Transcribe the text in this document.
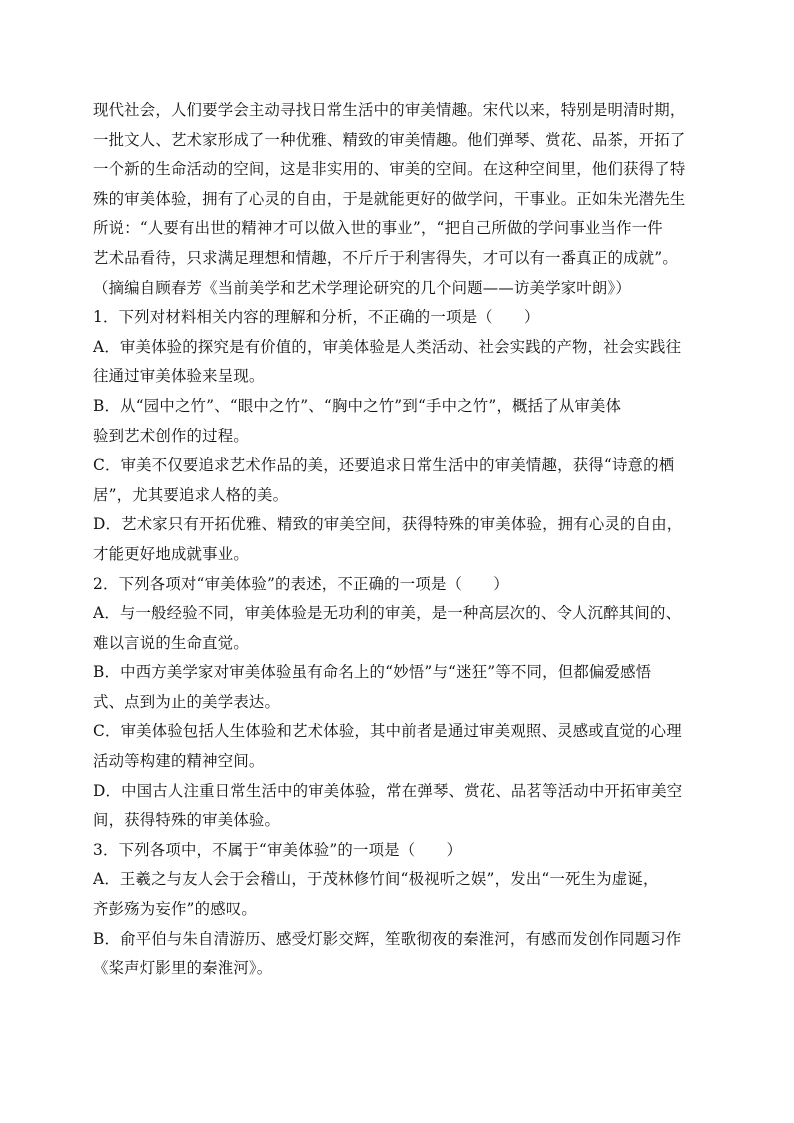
现代社会，人们要学会主动寻找日常生活中的审美情趣。宋代以来，特别是明清时期，
一批文人、艺术家形成了一种优雅、精致的审美情趣。他们弹琴、赏花、品茶，开拓了
一个新的生命活动的空间，这是非实用的、审美的空间。在这种空间里，他们获得了特
殊的审美体验，拥有了心灵的自由，于是就能更好的做学问，干事业。正如朱光潜先生
所说：“人要有出世的精神才可以做入世的事业”，“把自己所做的学问事业当作一件
艺术品看待，只求满足理想和情趣，不斤斤于利害得失，才可以有一番真正的成就”。
（摘编自顾春芳《当前美学和艺术学理论研究的几个问题——访美学家叶朗》）
1．下列对材料相关内容的理解和分析，不正确的一项是（　　）
A．审美体验的探究是有价值的，审美体验是人类活动、社会实践的产物，社会实践往
往通过审美体验来呈现。
B．从“园中之竹”、“眼中之竹”、“胸中之竹”到“手中之竹”，概括了从审美体
验到艺术创作的过程。
C．审美不仅要追求艺术作品的美，还要追求日常生活中的审美情趣，获得“诗意的栖
居”，尤其要追求人格的美。
D．艺术家只有开拓优雅、精致的审美空间，获得特殊的审美体验，拥有心灵的自由，
才能更好地成就事业。
2．下列各项对“审美体验”的表述，不正确的一项是（　　）
A．与一般经验不同，审美体验是无功利的审美，是一种高层次的、令人沉醉其间的、
难以言说的生命直觉。
B．中西方美学家对审美体验虽有命名上的“妙悟”与“迷狂”等不同，但都偏爱感悟
式、点到为止的美学表达。
C．审美体验包括人生体验和艺术体验，其中前者是通过审美观照、灵感或直觉的心理
活动等构建的精神空间。
D．中国古人注重日常生活中的审美体验，常在弹琴、赏花、品茗等活动中开拓审美空
间，获得特殊的审美体验。
3．下列各项中，不属于“审美体验”的一项是（　　）
A．王羲之与友人会于会稽山，于茂林修竹间“极视听之娱”，发出“一死生为虚诞，
齐彭殇为妄作”的感叹。
B．俞平伯与朱自清游历、感受灯影交辉，笙歌彻夜的秦淮河，有感而发创作同题习作
《桨声灯影里的秦淮河》。
